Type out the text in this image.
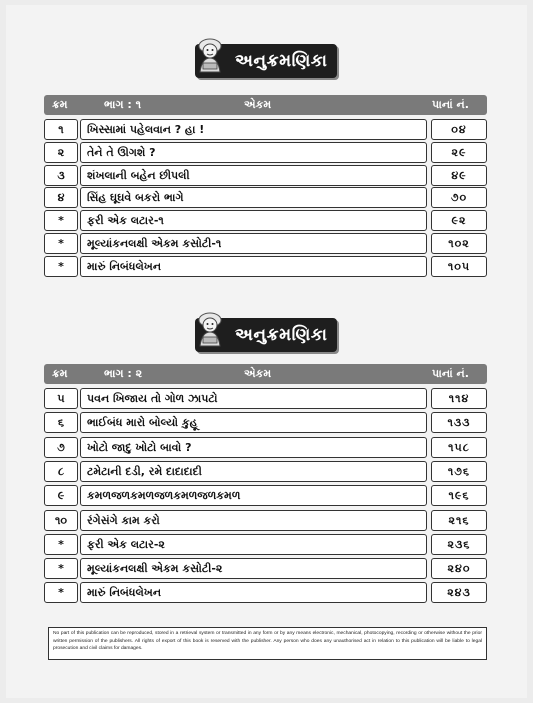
અનુક્રમણિકા
ક્રમ	ભાગ : ૧	એકમ	પાનાં નં.
૧	ખિસ્સામાં પહેલવાન ? હા !	૦૪
૨	તેને તે ઊગશે ?	૨૯
૩	શંખલાની બહેન છીપલી	૪૯
૪	સિંહ ઘૂઘવે બકરો ભાગે	૭૦
*	ફરી એક લટાર-૧	૯૨
*	મૂલ્યાંકનલક્ષી એકમ કસોટી-૧	૧૦૨
*	મારું નિબંધલેખન	૧૦૫
અનુક્રમણિકા
ક્રમ	ભાગ : ૨	એકમ	પાનાં નં.
૫	પવન ખિજાય તો ગોળ ઝાપટો	૧૧૪
૬	ભાઈબંધ મારો બોલ્યો કુહૂ	૧૩૩
૭	ખોટો જાદુ ખોટો બાવો ?	૧૫૮
૮	ટમેટાની દડી, રમે દાદાદાદી	૧૭૬
૯	કમળજળકમળજળકમળજળકમળ	૧૯૬
૧૦	રંગેસંગે કામ કરો	૨૧૬
*	ફરી એક લટાર-૨	૨૩૬
*	મૂલ્યાંકનલક્ષી એકમ કસોટી-૨	૨૪૦
*	મારું નિબંધલેખન	૨૪૩
No part of this publication can be reproduced, stored in a retrieval system or transmitted in any form or by any means electronic, mechanical, photocopying, recording or otherwise without the prior written permission of the publishers. All rights of export of this book is reserved with the publisher. Any person who does any unauthorised act in relation to this publication will be liable to legal prosecution and civil claims for damages.
